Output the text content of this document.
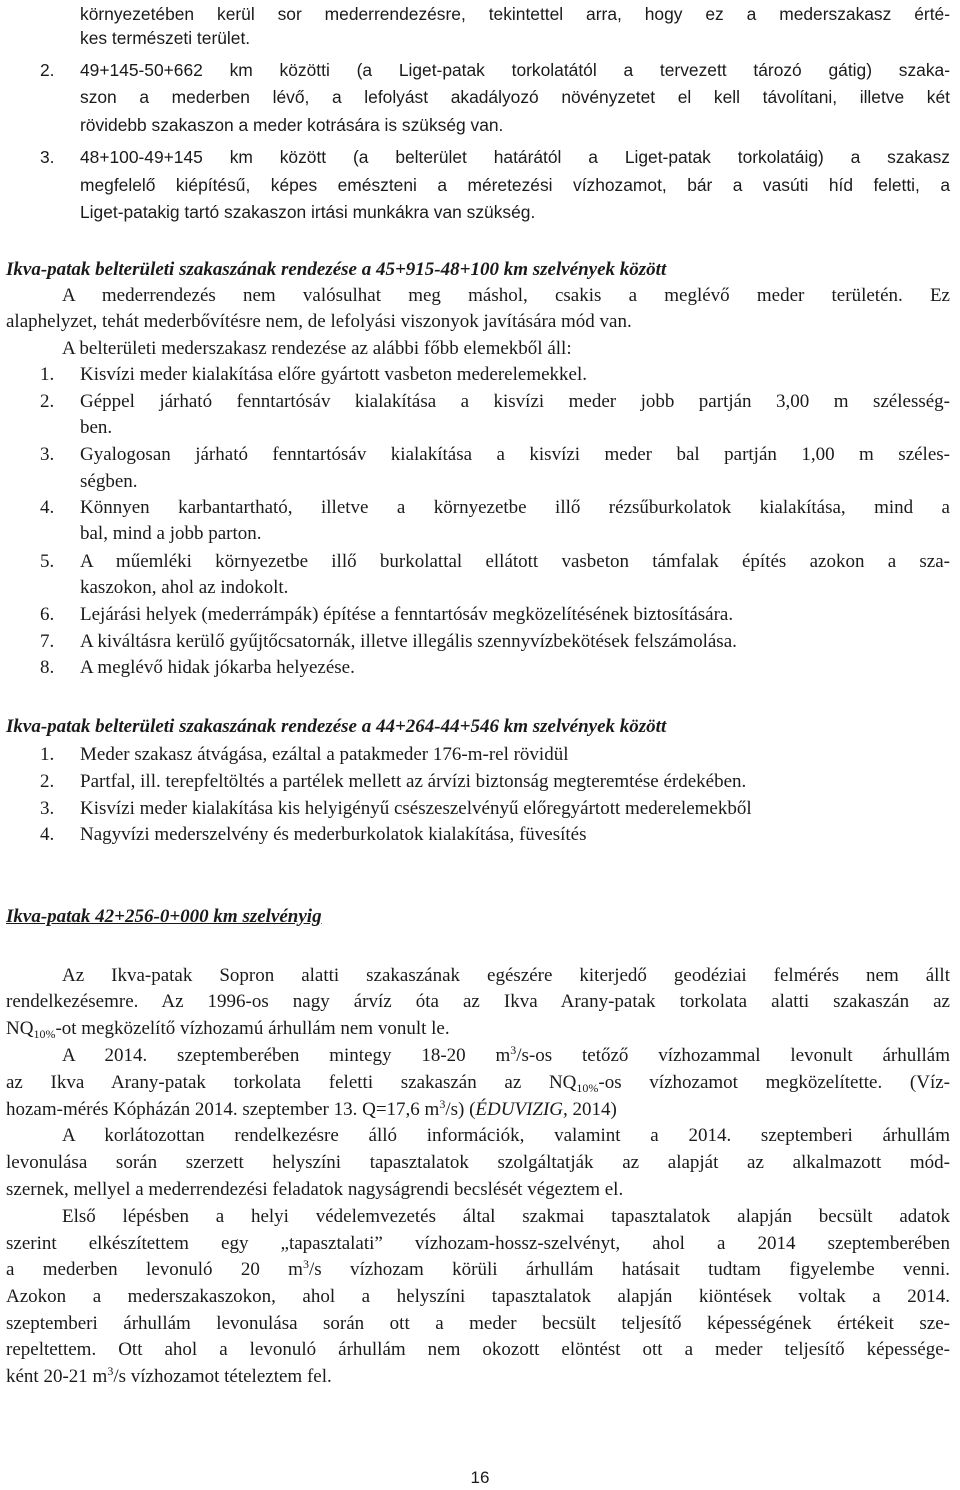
környezetében kerül sor mederrendezésre, tekintettel arra, hogy ez a mederszakasz érté-
kes természeti terület.
2. 49+145-50+662 km közötti (a Liget-patak torkolatától a tervezett tározó gátig) szaka-
szon a mederben lévő, a lefolyást akadályozó növényzetet el kell távolítani, illetve két
rövidebb szakaszon a meder kotrására is szükség van.
3. 48+100-49+145 km között (a belterület határától a Liget-patak torkolatáig) a szakasz
megfelelő kiépítésű, képes emészteni a méretezési vízhozamot, bár a vasúti híd feletti, a
Liget-patakig tartó szakaszon irtási munkákra van szükség.
Ikva-patak belterületi szakaszának rendezése a 45+915-48+100 km szelvények között
A mederrendezés nem valósulhat meg máshol, csakis a meglévő meder területén. Ez
alaphelyzet, tehát mederbővítésre nem, de lefolyási viszonyok javítására mód van.
A belterületi mederszakasz rendezése az alábbi főbb elemekből áll:
1. Kisvízi meder kialakítása előre gyártott vasbeton mederelemekkel.
2. Géppel járható fenntartósáv kialakítása a kisvízi meder jobb partján 3,00 m szélesség-
ben.
3. Gyalogosan járható fenntartósáv kialakítása a kisvízi meder bal partján 1,00 m széles-
ségben.
4. Könnyen karbantartható, illetve a környezetbe illő rézsűburkolatok kialakítása, mind a
bal, mind a jobb parton.
5. A műemléki környezetbe illő burkolattal ellátott vasbeton támfalak építés azokon a sza-
kaszokon, ahol az indokolt.
6. Lejárási helyek (mederrámpák) építése a fenntartósáv megközelítésének biztosítására.
7. A kiváltásra kerülő gyűjtőcsatornák, illetve illegális szennyvízbekötések felszámolása.
8. A meglévő hidak jókarba helyezése.
Ikva-patak belterületi szakaszának rendezése a 44+264-44+546 km szelvények között
1. Meder szakasz átvágása, ezáltal a patakmeder 176-m-rel rövidül
2. Partfal, ill. terepfeltöltés a partélek mellett az árvízi biztonság megteremtése érdekében.
3. Kisvízi meder kialakítása kis helyigényű csészeszelvényű előregyártott mederelemekből
4. Nagyvízi mederszelvény és mederburkolatok kialakítása, füvesítés
Ikva-patak 42+256-0+000 km szelvényig
Az Ikva-patak Sopron alatti szakaszának egészére kiterjedő geodéziai felmérés nem állt
rendelkezésemre. Az 1996-os nagy árvíz óta az Ikva Arany-patak torkolata alatti szakaszán az
$NQ_{10\%}-ot$ megközelítő vízhozamú árhullám nem vonult le.
A 2014. szeptemberében mintegy 18-20 $m^3/s-os$ tetőző vízhozammal levonult árhullám
az Ikva Arany-patak torkolata feletti szakaszán az $NQ_{10\%}-os$ vízhozamot megközelítette. (Víz-
hozam-mérés Kópházán 2014. szeptember 13. Q=17,6 $m^3/s$) (ÉDUVIZIG, 2014)
A korlátozottan rendelkezésre álló információk, valamint a 2014. szeptemberi árhullám
levonulása során szerzett helyszíni tapasztalatok szolgáltatják az alapját az alkalmazott mód-
szernek, mellyel a mederrendezési feladatok nagyságrendi becslését végeztem el.
Első lépésben a helyi védelemvezetés által szakmai tapasztalatok alapján becsült adatok
szerint elkészítettem egy „tapasztalati” vízhozam-hossz-szelvényt, ahol a 2014 szeptemberében
a mederben levonuló 20 $m^3/s$ vízhozam körüli árhullám hatásait tudtam figyelembe venni.
Azokon a mederszakaszokon, ahol a helyszíni tapasztalatok alapján kiöntések voltak a 2014.
szeptemberi árhullám levonulása során ott a meder becsült teljesítő képességének értékeit sze-
repeltettem. Ott ahol a levonuló árhullám nem okozott elöntést ott a meder teljesítő képessége-
ként 20-21 $m^3/s$ vízhozamot tételeztem fel.
16
